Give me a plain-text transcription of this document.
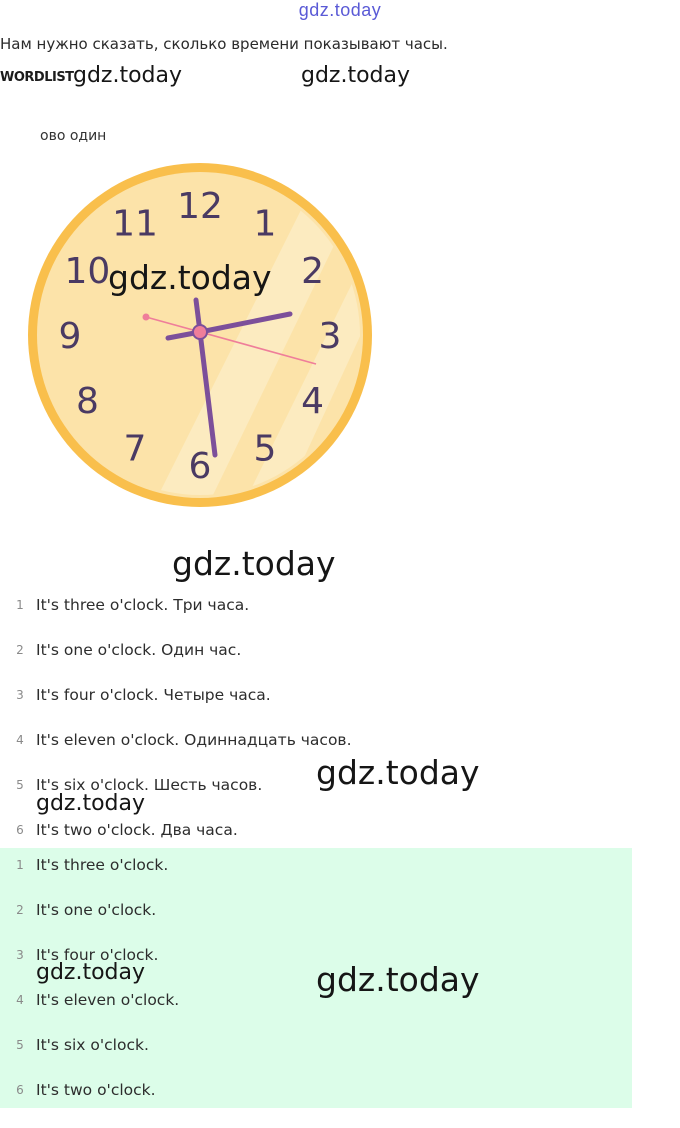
gdz.today
Нам нужно сказать, сколько времени показывают часы.
WORDLIST gdz.today	gdz.today
ово один
12 1
2
3
4
5
6
7
8
9
10
11
gdz.today
gdz.today
1 It's three o'clock. Три часа.
2 It's one o'clock. Один час.
3 It's four o'clock. Четыре часа.
4 It's eleven o'clock. Одиннадцать часов.
5 It's six o'clock. Шесть часов.
6 It's two o'clock. Два часа.
gdz.today
gdz.today
1 It's three o'clock.
2 It's one o'clock.
3 It's four o'clock.
4 It's eleven o'clock.
5 It's six o'clock.
6 It's two o'clock.
gdz.today	gdz.today
